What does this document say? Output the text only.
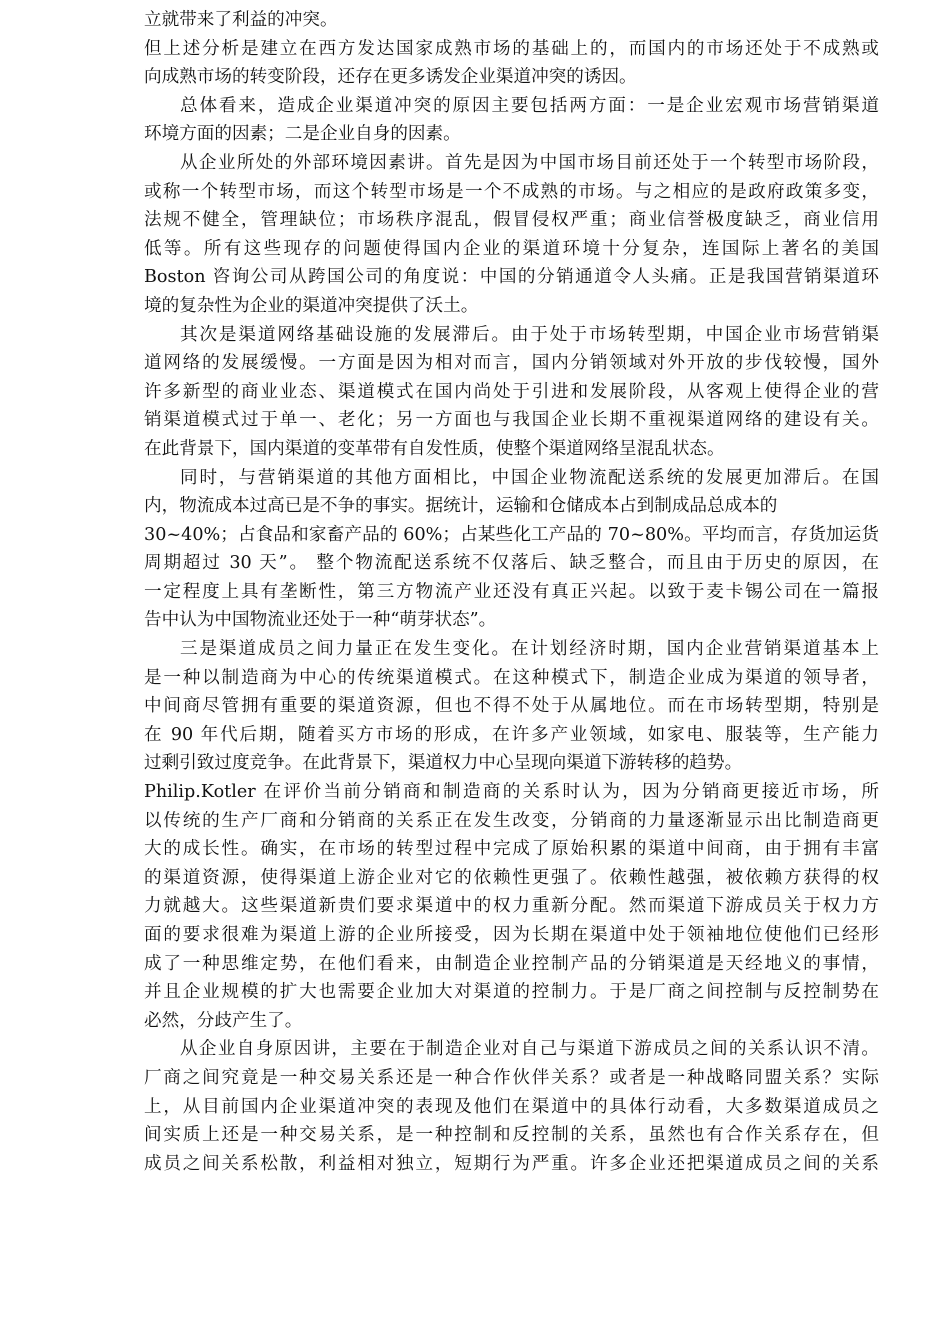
立就带来了利益的冲突。
但上述分析是建立在西方发达国家成熟市场的基础上的，而国内的市场还处于不成熟或
向成熟市场的转变阶段，还存在更多诱发企业渠道冲突的诱因。
总体看来，造成企业渠道冲突的原因主要包括两方面：一是企业宏观市场营销渠道
环境方面的因素；二是企业自身的因素。
从企业所处的外部环境因素讲。首先是因为中国市场目前还处于一个转型市场阶段，
或称一个转型市场，而这个转型市场是一个不成熟的市场。与之相应的是政府政策多变，
法规不健全，管理缺位；市场秩序混乱，假冒侵权严重；商业信誉极度缺乏，商业信用
低等。所有这些现存的问题使得国内企业的渠道环境十分复杂，连国际上著名的美国
Boston 咨询公司从跨国公司的角度说：中国的分销通道令人头痛。正是我国营销渠道环
境的复杂性为企业的渠道冲突提供了沃土。
其次是渠道网络基础设施的发展滞后。由于处于市场转型期，中国企业市场营销渠
道网络的发展缓慢。一方面是因为相对而言，国内分销领域对外开放的步伐较慢，国外
许多新型的商业业态、渠道模式在国内尚处于引进和发展阶段，从客观上使得企业的营
销渠道模式过于单一、老化；另一方面也与我国企业长期不重视渠道网络的建设有关。
在此背景下，国内渠道的变革带有自发性质，使整个渠道网络呈混乱状态。
同时，与营销渠道的其他方面相比，中国企业物流配送系统的发展更加滞后。在国
内，物流成本过高已是不争的事实。据统计，运输和仓储成本占到制成品总成本的
30~40%；占食品和家畜产品的 60%；占某些化工产品的 70~80%。平均而言，存货加运货
周期超过 30 天”。 整个物流配送系统不仅落后、缺乏整合，而且由于历史的原因，在
一定程度上具有垄断性，第三方物流产业还没有真正兴起。以致于麦卡锡公司在一篇报
告中认为中国物流业还处于一种“萌芽状态”。
三是渠道成员之间力量正在发生变化。在计划经济时期，国内企业营销渠道基本上
是一种以制造商为中心的传统渠道模式。在这种模式下，制造企业成为渠道的领导者，
中间商尽管拥有重要的渠道资源，但也不得不处于从属地位。而在市场转型期，特别是
在 90 年代后期，随着买方市场的形成，在许多产业领域，如家电、服装等，生产能力
过剩引致过度竞争。在此背景下，渠道权力中心呈现向渠道下游转移的趋势。
Philip.Kotler 在评价当前分销商和制造商的关系时认为，因为分销商更接近市场，所
以传统的生产厂商和分销商的关系正在发生改变，分销商的力量逐渐显示出比制造商更
大的成长性。确实，在市场的转型过程中完成了原始积累的渠道中间商，由于拥有丰富
的渠道资源，使得渠道上游企业对它的依赖性更强了。依赖性越强，被依赖方获得的权
力就越大。这些渠道新贵们要求渠道中的权力重新分配。然而渠道下游成员关于权力方
面的要求很难为渠道上游的企业所接受，因为长期在渠道中处于领袖地位使他们已经形
成了一种思维定势，在他们看来，由制造企业控制产品的分销渠道是天经地义的事情，
并且企业规模的扩大也需要企业加大对渠道的控制力。于是厂商之间控制与反控制势在
必然，分歧产生了。
从企业自身原因讲，主要在于制造企业对自己与渠道下游成员之间的关系认识不清。
厂商之间究竟是一种交易关系还是一种合作伙伴关系？或者是一种战略同盟关系？实际
上，从目前国内企业渠道冲突的表现及他们在渠道中的具体行动看，大多数渠道成员之
间实质上还是一种交易关系，是一种控制和反控制的关系，虽然也有合作关系存在，但
成员之间关系松散，利益相对独立，短期行为严重。许多企业还把渠道成员之间的关系
